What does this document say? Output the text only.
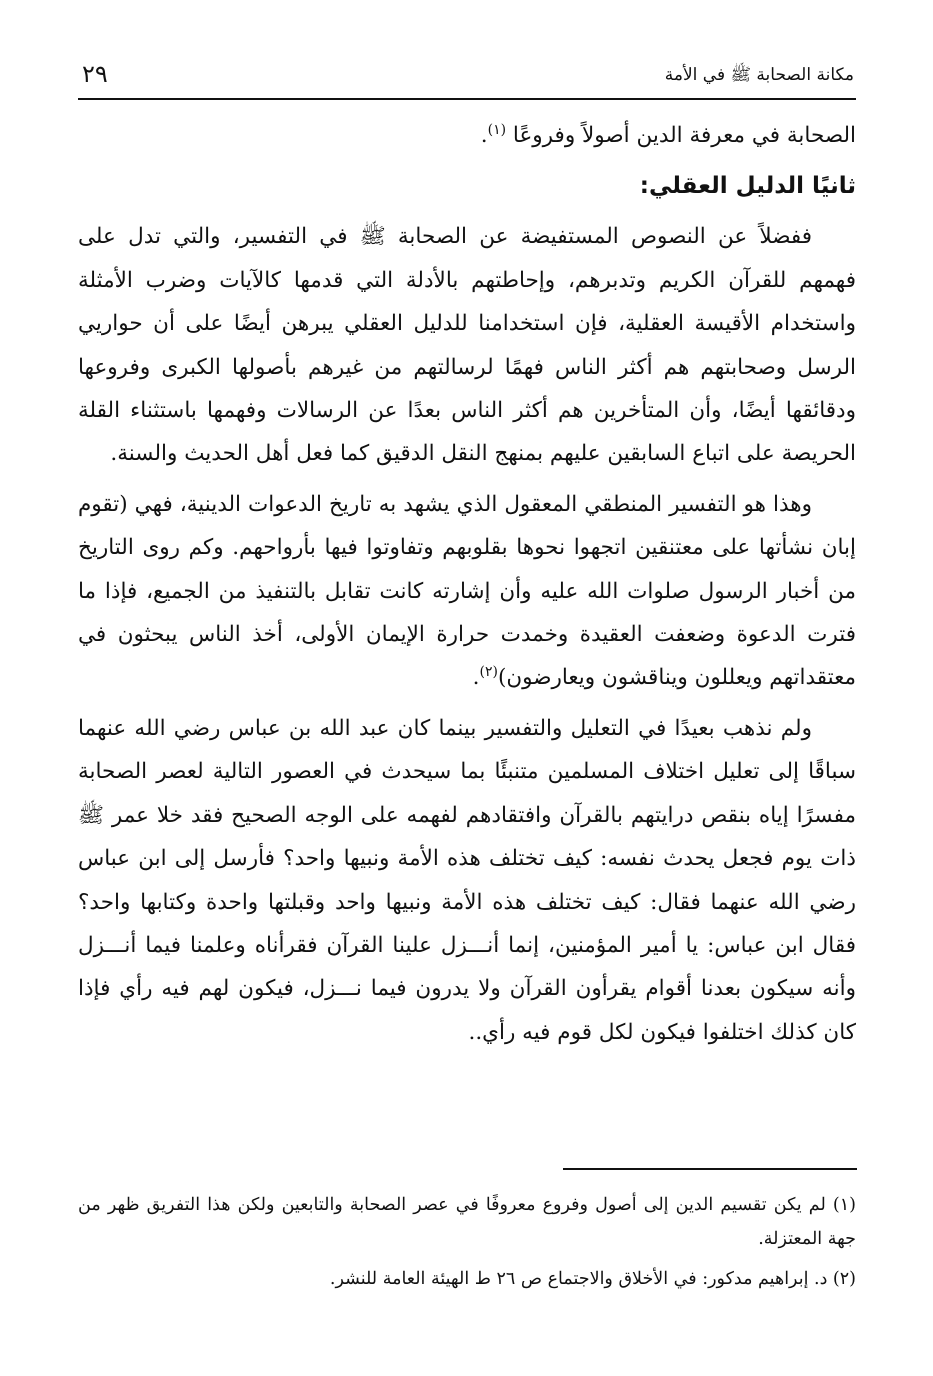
مكانة الصحابة ﷺ في الأمة
٢٩

الصحابة في معرفة الدين أصولاً وفروعًا $^{(١)}$.

ثانيًا الدليل العقلي:

ففضلاً عن النصوص المستفيضة عن الصحابة ﷺ في التفسير، والتي تدل على فهمهم للقرآن الكريم وتدبرهم، وإحاطتهم بالأدلة التي قدمها كالآيات وضرب الأمثلة واستخدام الأقيسة العقلية، فإن استخدامنا للدليل العقلي يبرهن أيضًا على أن حواريي الرسل وصحابتهم هم أكثر الناس فهمًا لرسالتهم من غيرهم بأصولها الكبرى وفروعها ودقائقها أيضًا، وأن المتأخرين هم أكثر الناس بعدًا عن الرسالات وفهمها باستثناء القلة الحريصة على اتباع السابقين عليهم بمنهج النقل الدقيق كما فعل أهل الحديث والسنة.

وهذا هو التفسير المنطقي المعقول الذي يشهد به تاريخ الدعوات الدينية، فهي (تقوم إبان نشأتها على معتنقين اتجهوا نحوها بقلوبهم وتفاوتوا فيها بأرواحهم. وكم روى التاريخ من أخبار الرسول صلوات الله عليه وأن إشارته كانت تقابل بالتنفيذ من الجميع، فإذا ما فترت الدعوة وضعفت العقيدة وخمدت حرارة الإيمان الأولى، أخذ الناس يبحثون في معتقداتهم ويعللون ويناقشون ويعارضون)$^{(٢)}$.

ولم نذهب بعيدًا في التعليل والتفسير بينما كان عبد الله بن عباس رضي الله عنهما سباقًا إلى تعليل اختلاف المسلمين متنبئًا بما سيحدث في العصور التالية لعصر الصحابة مفسرًا إياه بنقص درايتهم بالقرآن وافتقادهم لفهمه على الوجه الصحيح فقد خلا عمر ﷺ ذات يوم فجعل يحدث نفسه: كيف تختلف هذه الأمة ونبيها واحد؟ فأرسل إلى ابن عباس رضي الله عنهما فقال: كيف تختلف هذه الأمة ونبيها واحد وقبلتها واحدة وكتابها واحد؟ فقال ابن عباس: يا أمير المؤمنين، إنما أنـــزل علينا القرآن فقرأناه وعلمنا فيما أنـــزل وأنه سيكون بعدنا أقوام يقرأون القرآن ولا يدرون فيما نـــزل، فيكون لهم فيه رأي فإذا كان كذلك اختلفوا فيكون لكل قوم فيه رأي..

(١) لم يكن تقسيم الدين إلى أصول وفروع معروفًا في عصر الصحابة والتابعين ولكن هذا التفريق ظهر من جهة المعتزلة.

(٢) د. إبراهيم مدكور: في الأخلاق والاجتماع ص ٢٦ ط الهيئة العامة للنشر.
